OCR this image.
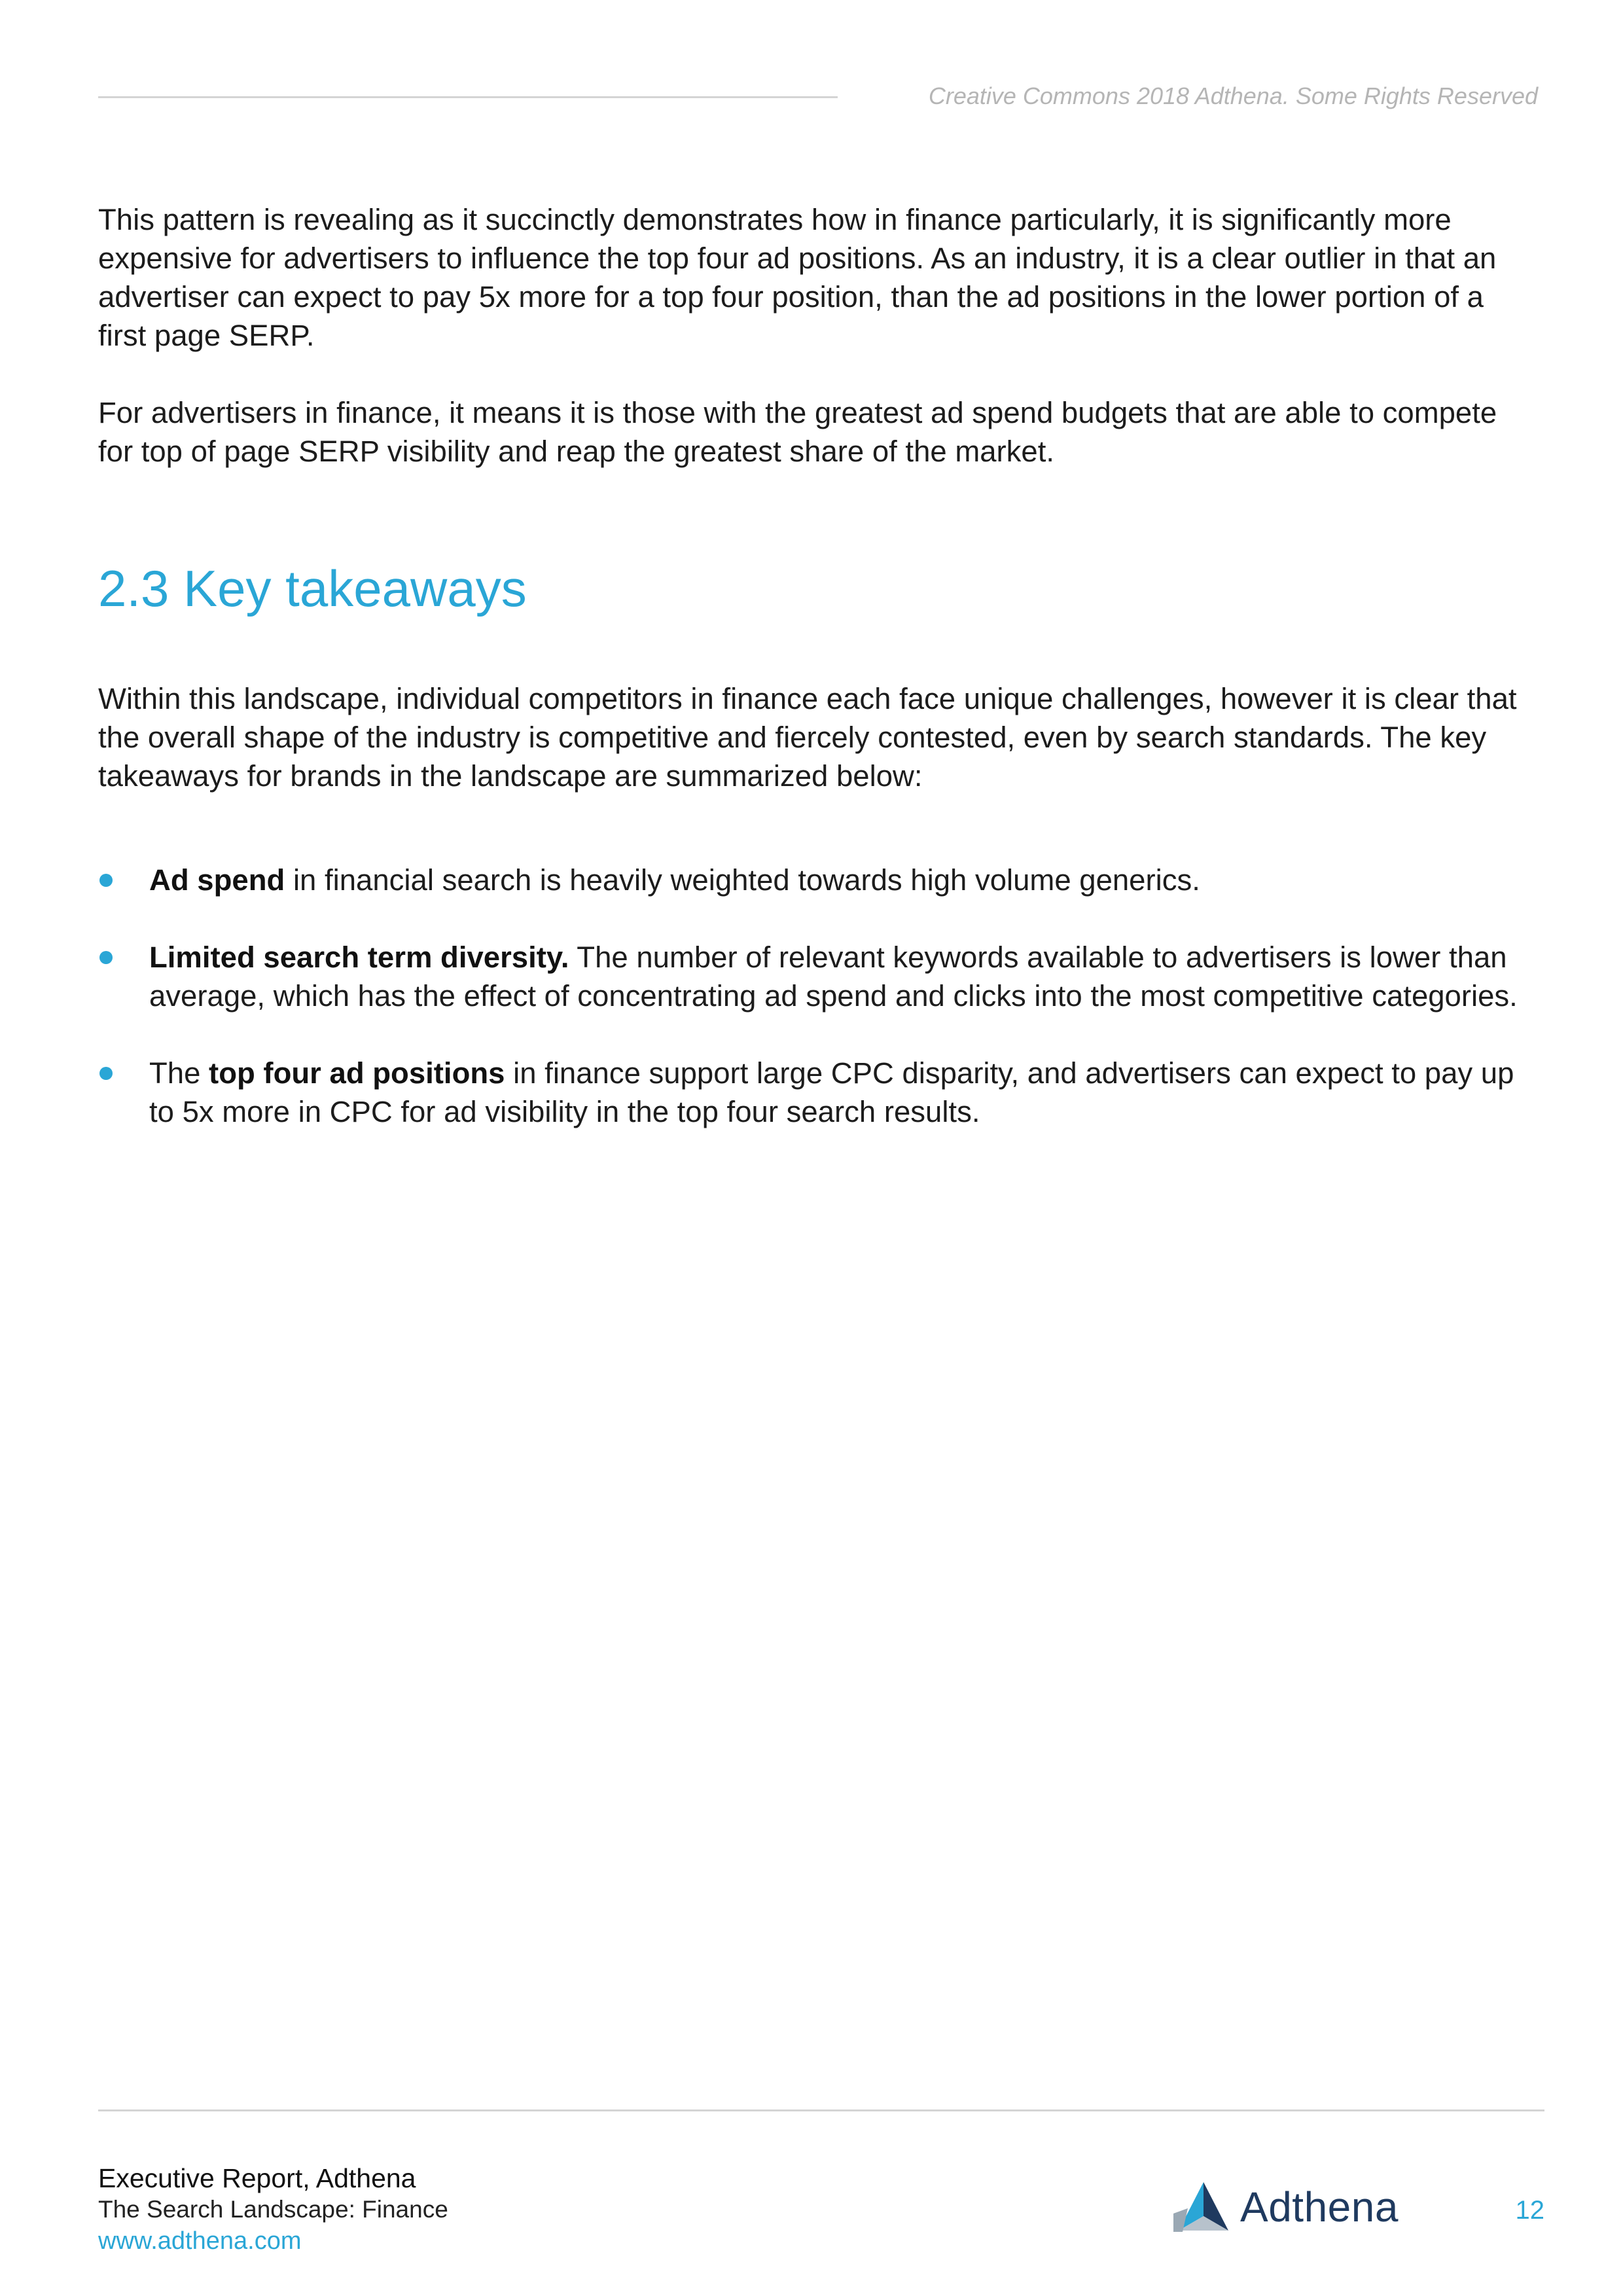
Creative Commons 2018 Adthena. Some Rights Reserved

This pattern is revealing as it succinctly demonstrates how in finance particularly, it is significantly more expensive for advertisers to influence the top four ad positions. As an industry, it is a clear outlier in that an advertiser can expect to pay 5x more for a top four position, than the ad positions in the lower portion of a first page SERP.

For advertisers in finance, it means it is those with the greatest ad spend budgets that are able to compete for top of page SERP visibility and reap the greatest share of the market.

2.3 Key takeaways

Within this landscape, individual competitors in finance each face unique challenges, however it is clear that the overall shape of the industry is competitive and fiercely contested, even by search standards. The key takeaways for brands in the landscape are summarized below:

Ad spend in financial search is heavily weighted towards high volume generics.
Limited search term diversity. The number of relevant keywords available to advertisers is lower than average, which has the effect of concentrating ad spend and clicks into the most competitive categories.
The top four ad positions in finance support large CPC disparity, and advertisers can expect to pay up to 5x more in CPC for ad visibility in the top four search results.
Executive Report, Adthena
The Search Landscape: Finance
www.adthena.com
Adthena	12
